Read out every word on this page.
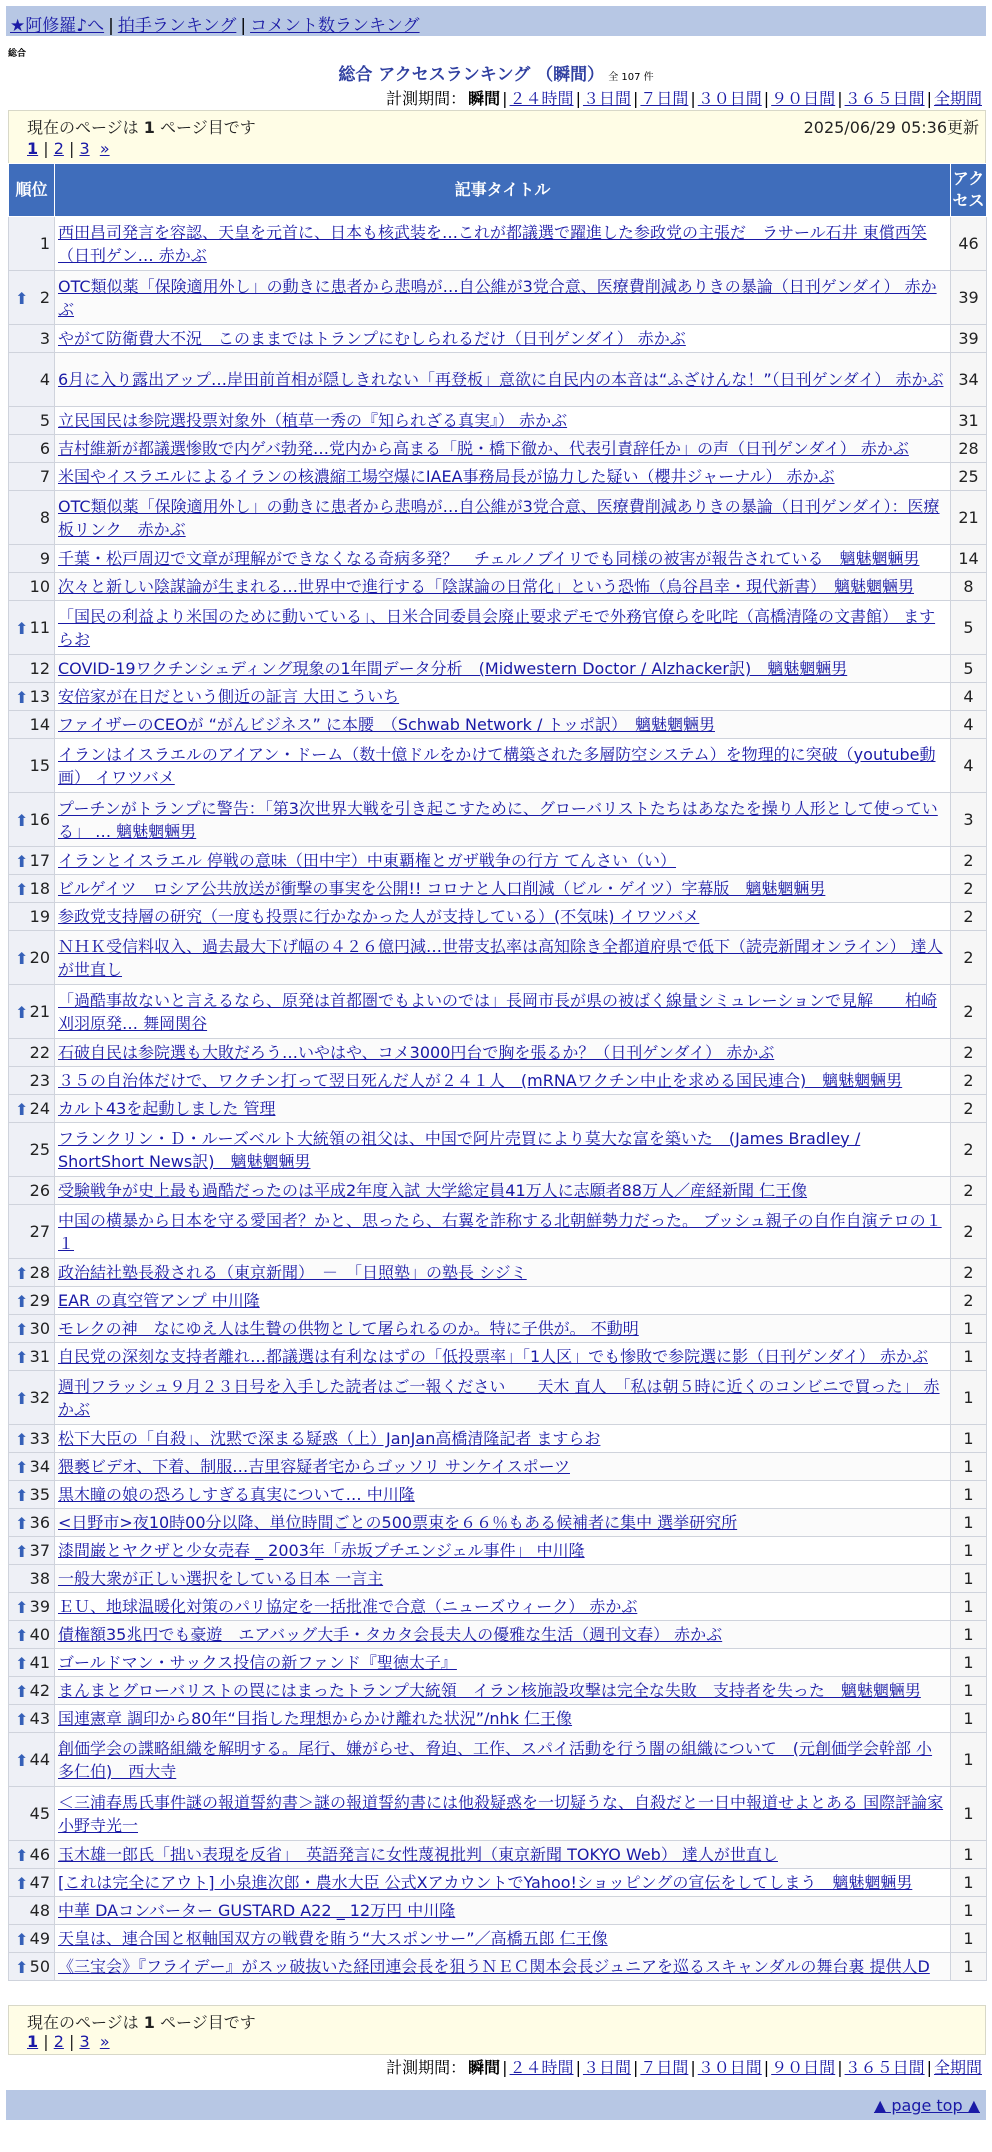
★阿修羅♪へ | 拍手ランキング | コメント数ランキング
総合
総合 アクセスランキング （瞬間） 全 107 件
計測期間： 瞬間 | ２４時間 | ３日間 | ７日間 | ３０日間 | ９０日間 | ３６５日間 | 全期間
現在のページは 1 ページ目です	2025/06/29 05:36更新
1 | 2 | 3 »
順位	記事タイトル	アクセス
1	西田昌司発言を容認、天皇を元首に、日本も核武装を…これが都議選で躍進した参政党の主張だ　ラサール石井 東償西笑（日刊ゲン… 赤かぶ	46

⬆ 2	OTC類似薬「保険適用外し」の動きに患者から悲鳴が…自公維が3党合意、医療費削減ありきの暴論（日刊ゲンダイ） 赤かぶ	39
3	やがて防衛費大不況　このままではトランプにむしられるだけ（日刊ゲンダイ） 赤かぶ	39
4	6月に入り露出アップ…岸田前首相が隠しきれない「再登板」意欲に自民内の本音は“ふざけんな！”（日刊ゲンダイ） 赤かぶ	34
5	立民国民は参院選投票対象外（植草一秀の『知られざる真実』） 赤かぶ	31
6	吉村維新が都議選惨敗で内ゲバ勃発…党内から高まる「脱・橋下徹か、代表引責辞任か」の声（日刊ゲンダイ） 赤かぶ	28
7	米国やイスラエルによるイランの核濃縮工場空爆にIAEA事務局長が協力した疑い（櫻井ジャーナル） 赤かぶ	25
8	OTC類似薬「保険適用外し」の動きに患者から悲鳴が…自公維が3党合意、医療費削減ありきの暴論（日刊ゲンダイ）：医療板リンク　赤かぶ	21
9	千葉・松戸周辺で文章が理解ができなくなる奇病多発？　チェルノブイリでも同様の被害が報告されている　魑魅魍魎男	14
10	次々と新しい陰謀論が生まれる…世界中で進行する「陰謀論の日常化」という恐怖（烏谷昌幸・現代新書）　魑魅魍魎男	8

⬆ 11	「国民の利益より米国のために動いている」、日米合同委員会廃止要求デモで外務官僚らを叱咤（高橋清隆の文書館） ますらお	5
12	COVID-19ワクチンシェディング現象の1年間データ分析　(Midwestern Doctor / Alzhacker訳)　魑魅魍魎男	5

⬆ 13	安倍家が在日だという側近の証言 大田こういち	4
14	ファイザーのCEOが “がんビジネス” に本腰　（Schwab Network / トッポ訳）　魑魅魍魎男	4
15	イランはイスラエルのアイアン・ドーム（数十億ドルをかけて構築された多層防空システム）を物理的に突破（youtube動画） イワツバメ	4

⬆ 16	プーチンがトランプに警告：「第3次世界大戦を引き起こすために、グローバリストたちはあなたを操り人形として使っている」 … 魑魅魍魎男	3

⬆ 17	イランとイスラエル 停戦の意味（田中宇）中東覇権とガザ戦争の行方 てんさい（い）	2

⬆ 18	ビルゲイツ　ロシア公共放送が衝撃の事実を公開!! コロナと人口削減（ビル・ゲイツ）字幕版　魑魅魍魎男	2
19	参政党支持層の研究（一度も投票に行かなかった人が支持している）(不気味) イワツバメ	2

⬆ 20	ＮＨＫ受信料収入、過去最大下げ幅の４２６億円減…世帯支払率は高知除き全都道府県で低下（読売新聞オンライン） 達人が世直し	2

⬆ 21	「過酷事故ないと言えるなら、原発は首都圏でもよいのでは」長岡市長が県の被ばく線量シミュレーションで見解　　柏崎刈羽原発… 舞岡関谷	2
22	石破自民は参院選も大敗だろう…いやはや、コメ3000円台で胸を張るか？（日刊ゲンダイ） 赤かぶ	2
23	３５の自治体だけで、ワクチン打って翌日死んだ人が２４１人　(mRNAワクチン中止を求める国民連合)　魑魅魍魎男	2

⬆ 24	カルト43を起動しました 管理	2
25	フランクリン・Ｄ・ルーズベルト大統領の祖父は、中国で阿片売買により莫大な富を築いた　(James Bradley / ShortShort News訳)　魑魅魍魎男	2
26	受験戦争が史上最も過酷だったのは平成2年度入試 大学総定員41万人に志願者88万人／産経新聞 仁王像	2
27	中国の横暴から日本を守る愛国者？かと、思ったら、右翼を詐称する北朝鮮勢力だった。 ブッシュ親子の自作自演テロの１１	2

⬆ 28	政治結社塾長殺される（東京新聞）　－　「日照塾」の塾長 シジミ	2

⬆ 29	EAR の真空管アンプ 中川隆	2

⬆ 30	モレクの神　なにゆえ人は生贄の供物として屠られるのか。特に子供が。 不動明	1

⬆ 31	自民党の深刻な支持者離れ…都議選は有利なはずの「低投票率」「1人区」でも惨敗で参院選に影（日刊ゲンダイ） 赤かぶ	1

⬆ 32	週刊フラッシュ９月２３日号を入手した読者はご一報ください　　天木 直人　「私は朝５時に近くのコンビニで買った」 赤かぶ	1

⬆ 33	松下大臣の「自殺」、沈黙で深まる疑惑（上）JanJan高橋清隆記者 ますらお	1

⬆ 34	猥褻ビデオ、下着、制服…吉里容疑者宅からゴッソリ サンケイスポーツ	1

⬆ 35	黒木瞳の娘の恐ろしすぎる真実について… 中川隆	1

⬆ 36	<日野市>夜10時00分以降、単位時間ごとの500票束を６６％もある候補者に集中 選挙研究所	1

⬆ 37	漆間巌とヤクザと少女売春 _ 2003年「赤坂プチエンジェル事件」 中川隆	1
38	一般大衆が正しい選択をしている日本 一言主	1

⬆ 39	ＥＵ、地球温暖化対策のパリ協定を一括批准で合意（ニューズウィーク） 赤かぶ	1

⬆ 40	債権額35兆円でも豪遊　エアバッグ大手・タカタ会長夫人の優雅な生活（週刊文春） 赤かぶ	1

⬆ 41	ゴールドマン・サックス投信の新ファンド『聖徳太子』	1

⬆ 42	まんまとグローバリストの罠にはまったトランプ大統領　イラン核施設攻撃は完全な失敗　支持者を失った　魑魅魍魎男	1

⬆ 43	国連憲章 調印から80年“目指した理想からかけ離れた状況”/nhk 仁王像	1

⬆ 44	創価学会の諜略組織を解明する。尾行、嫌がらせ、脅迫、工作、スパイ活動を行う闇の組織について　(元創価学会幹部 小多仁伯)　西大寺	1
45	＜三浦春馬氏事件謎の報道誓約書＞謎の報道誓約書には他殺疑惑を一切疑うな、自殺だと一日中報道せよとある 国際評論家小野寺光一	1

⬆ 46	玉木雄一郎氏「拙い表現を反省」　英語発言に女性蔑視批判（東京新聞 TOKYO Web） 達人が世直し	1

⬆ 47	[これは完全にアウト] 小泉進次郎・農水大臣 公式XアカウントでYahoo!ショッピングの宣伝をしてしまう　魑魅魍魎男	1
48	中華 DAコンバーター GUSTARD A22 _ 12万円 中川隆	1

⬆ 49	天皇は、連合国と枢軸国双方の戦費を賄う“大スポンサー”／高橋五郎 仁王像	1

⬆ 50	《三宝会》『フライデー』がスッ破抜いた経団連会長を狙うＮＥＣ関本会長ジュニアを巡るスキャンダルの舞台裏 提供人D	1
現在のページは 1 ページ目です
1 | 2 | 3 »
計測期間： 瞬間 | ２４時間 | ３日間 | ７日間 | ３０日間 | ９０日間 | ３６５日間 | 全期間
▲ page top ▲
